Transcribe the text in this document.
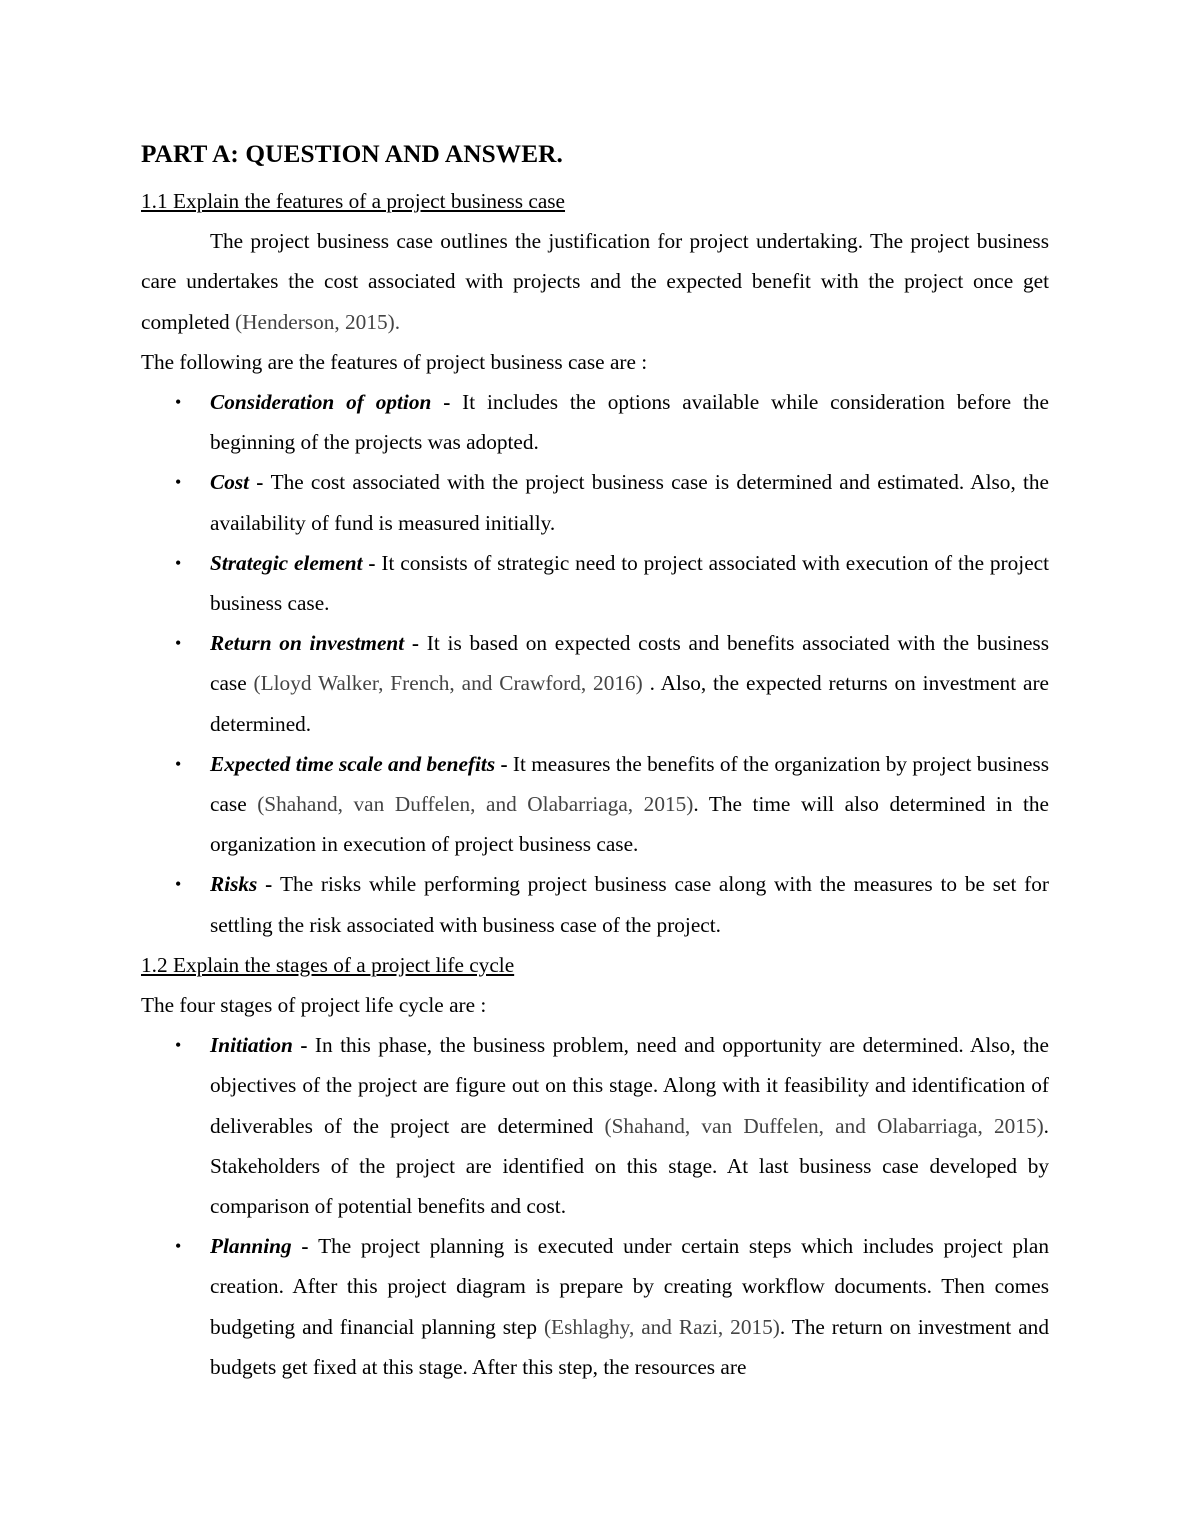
PART A: QUESTION AND ANSWER.
1.1 Explain the features of a project business case

The project business case outlines the justification for project undertaking. The project business care undertakes the cost associated with projects and the expected benefit with the project once get completed (Henderson, 2015).

The following are the features of project business case are :

• Consideration of option - It includes the options available while consideration before the beginning of the projects was adopted.
• Cost - The cost associated with the project business case is determined and estimated. Also, the availability of fund is measured initially.
• Strategic element - It consists of strategic need to project associated with execution of the project business case.
• Return on investment - It is based on expected costs and benefits associated with the business case (Lloyd Walker, French, and Crawford, 2016) . Also, the expected returns on investment are determined.
• Expected time scale and benefits - It measures the benefits of the organization by project business case (Shahand, van Duffelen, and Olabarriaga, 2015). The time will also determined in the organization in execution of project business case.
• Risks - The risks while performing project business case along with the measures to be set for settling the risk associated with business case of the project.
1.2 Explain the stages of a project life cycle

The four stages of project life cycle are :

• Initiation - In this phase, the business problem, need and opportunity are determined. Also, the objectives of the project are figure out on this stage. Along with it feasibility and identification of deliverables of the project are determined (Shahand, van Duffelen, and Olabarriaga, 2015). Stakeholders of the project are identified on this stage. At last business case developed by comparison of potential benefits and cost.
• Planning - The project planning is executed under certain steps which includes project plan creation. After this project diagram is prepare by creating workflow documents. Then comes budgeting and financial planning step (Eshlaghy, and Razi, 2015). The return on investment and budgets get fixed at this stage. After this step, the resources are
